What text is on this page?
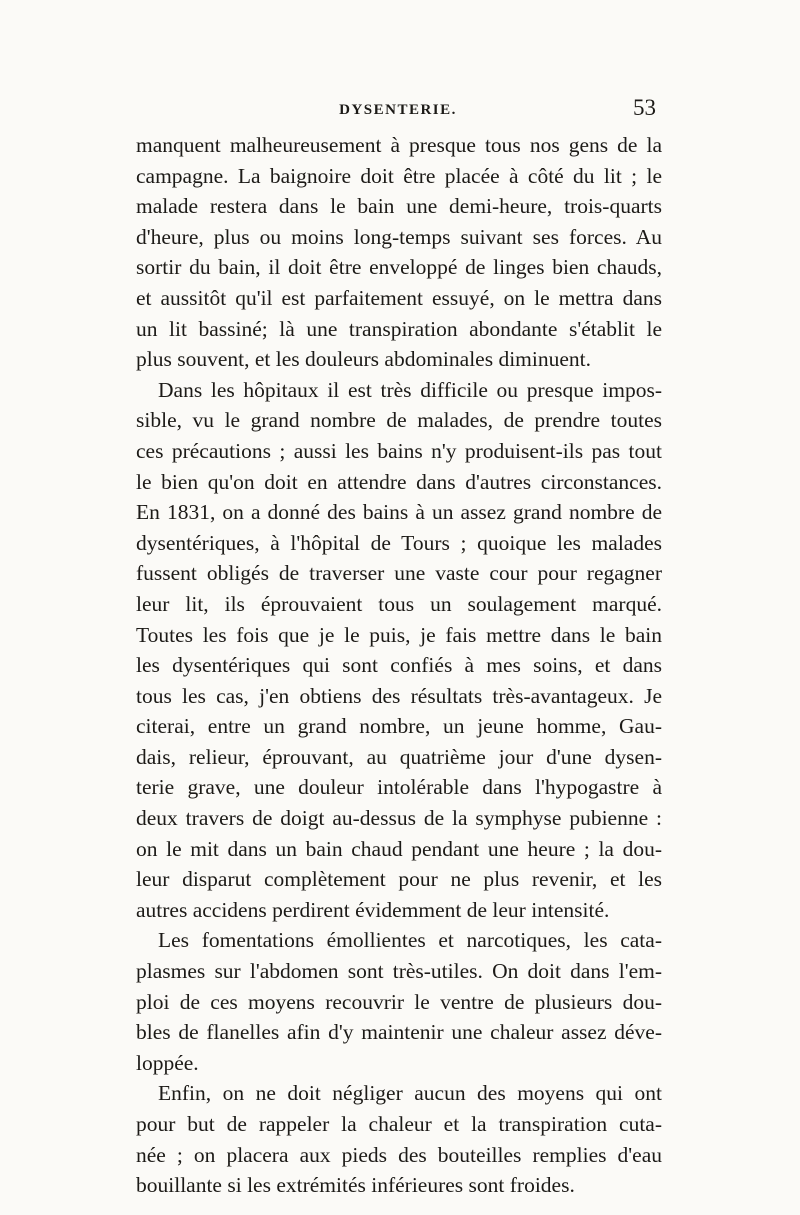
DYSENTERIE.	53
manquent malheureusement à presque tous nos gens de la
campagne. La baignoire doit être placée à côté du lit ; le
malade restera dans le bain une demi-heure, trois-quarts
d'heure, plus ou moins long-temps suivant ses forces. Au
sortir du bain, il doit être enveloppé de linges bien chauds,
et aussitôt qu'il est parfaitement essuyé, on le mettra dans
un lit bassiné; là une transpiration abondante s'établit le
plus souvent, et les douleurs abdominales diminuent.
Dans les hôpitaux il est très difficile ou presque impos-
sible, vu le grand nombre de malades, de prendre toutes
ces précautions ; aussi les bains n'y produisent-ils pas tout
le bien qu'on doit en attendre dans d'autres circonstances.
En 1831, on a donné des bains à un assez grand nombre de
dysentériques, à l'hôpital de Tours ; quoique les malades
fussent obligés de traverser une vaste cour pour regagner
leur lit, ils éprouvaient tous un soulagement marqué.
Toutes les fois que je le puis, je fais mettre dans le bain
les dysentériques qui sont confiés à mes soins, et dans
tous les cas, j'en obtiens des résultats très-avantageux. Je
citerai, entre un grand nombre, un jeune homme, Gau-
dais, relieur, éprouvant, au quatrième jour d'une dysen-
terie grave, une douleur intolérable dans l'hypogastre à
deux travers de doigt au-dessus de la symphyse pubienne :
on le mit dans un bain chaud pendant une heure ; la dou-
leur disparut complètement pour ne plus revenir, et les
autres accidens perdirent évidemment de leur intensité.
Les fomentations émollientes et narcotiques, les cata-
plasmes sur l'abdomen sont très-utiles. On doit dans l'em-
ploi de ces moyens recouvrir le ventre de plusieurs dou-
bles de flanelles afin d'y maintenir une chaleur assez déve-
loppée.
Enfin, on ne doit négliger aucun des moyens qui ont
pour but de rappeler la chaleur et la transpiration cuta-
née ; on placera aux pieds des bouteilles remplies d'eau
bouillante si les extrémités inférieures sont froides.
